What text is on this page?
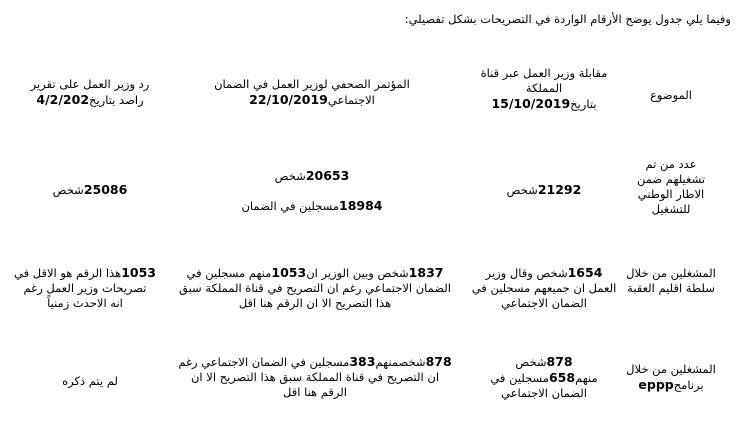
وفيما يلي جدول يوضح الأرقام الواردة في التصريحات بشكل تفصيلي:
الموضوع
مقابلة وزير العمل عبر قناة
المملكة
بتاريخ15/10/2019
المؤتمر الصحفي لوزير العمل في الضمان
الاجتماعي22/10/2019
رد وزير العمل على تقرير
راصد بتاريخ4/2/202
عدد من تم
تشغيلهم ضمن
الاطار الوطني
للتشغيل
21292شخص
20653شخص
18984مسجلين في الضمان
25086شخص
المشغلين من خلال
سلطة اقليم العقبة
1654شخص وقال وزير
العمل ان جميعهم مسجلين في
الضمان الاجتماعي
1837شخص وبين الوزير ان1053منهم مسجلين في
الضمان الاجتماعي رغم ان التصريح في قناة المملكة سبق
هذا التصريح الا ان الرقم هنا اقل
1053هذا الرقم هو الاقل في
تصريحات وزير العمل رغم
انه الاحدث زمنياً
المشغلين من خلال
برنامجeppp
878شخص
منهم658مسجلين في
الضمان الاجتماعي
878شخصمنهم383مسجلين في الضمان الاجتماعي رغم
ان التصريح في قناة المملكة سبق هذا التصريح الا ان
الرقم هنا اقل
لم يتم ذكره
